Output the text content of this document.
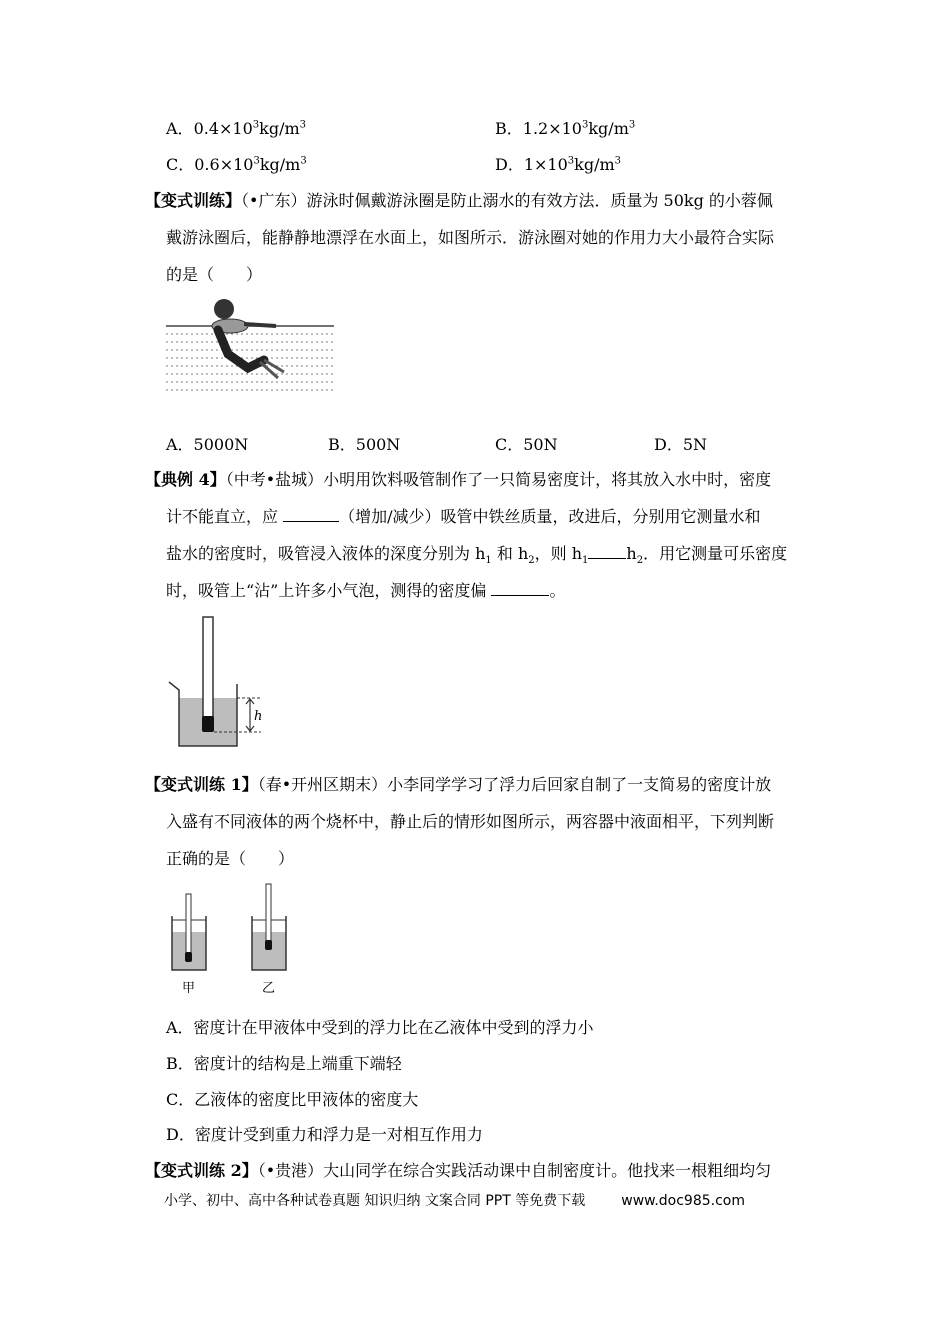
A．$0.4\times 10^3kg/m^3$	B．$1.2\times 10^3kg/m^3$
C．$0.6\times 10^3kg/m^3$	D．$1\times 10^3kg/m^3$
【变式训练】（•广东）游泳时佩戴游泳圈是防止溺水的有效方法．质量为 50kg 的小蓉佩
戴游泳圈后，能静静地漂浮在水面上，如图所示．游泳圈对她的作用力大小最符合实际
的是（　　）
A．5000N	B．500N	C．50N	D．5N
【典例 4】（中考•盐城）小明用饮料吸管制作了一只简易密度计，将其放入水中时，密度
计不能直立，应	（增加/减少）吸管中铁丝质量，改进后，分别用它测量水和
盐水的密度时，吸管浸入液体的深度分别为 $h_1$ 和 $h_2$，则 $h_1$ $h_2$．用它测量可乐密度
时，吸管上“沾”上许多小气泡，测得的密度偏	。
h
【变式训练 1】（春•开州区期末）小李同学学习了浮力后回家自制了一支简易的密度计放
入盛有不同液体的两个烧杯中，静止后的情形如图所示，两容器中液面相平，下列判断
正确的是（　　）
甲	乙
A．密度计在甲液体中受到的浮力比在乙液体中受到的浮力小
B．密度计的结构是上端重下端轻
C．乙液体的密度比甲液体的密度大
D．密度计受到重力和浮力是一对相互作用力
【变式训练 2】（•贵港）大山同学在综合实践活动课中自制密度计。他找来一根粗细均匀
小学、初中、高中各种试卷真题 知识归纳 文案合同 PPT 等免费下载	www.doc985.com
